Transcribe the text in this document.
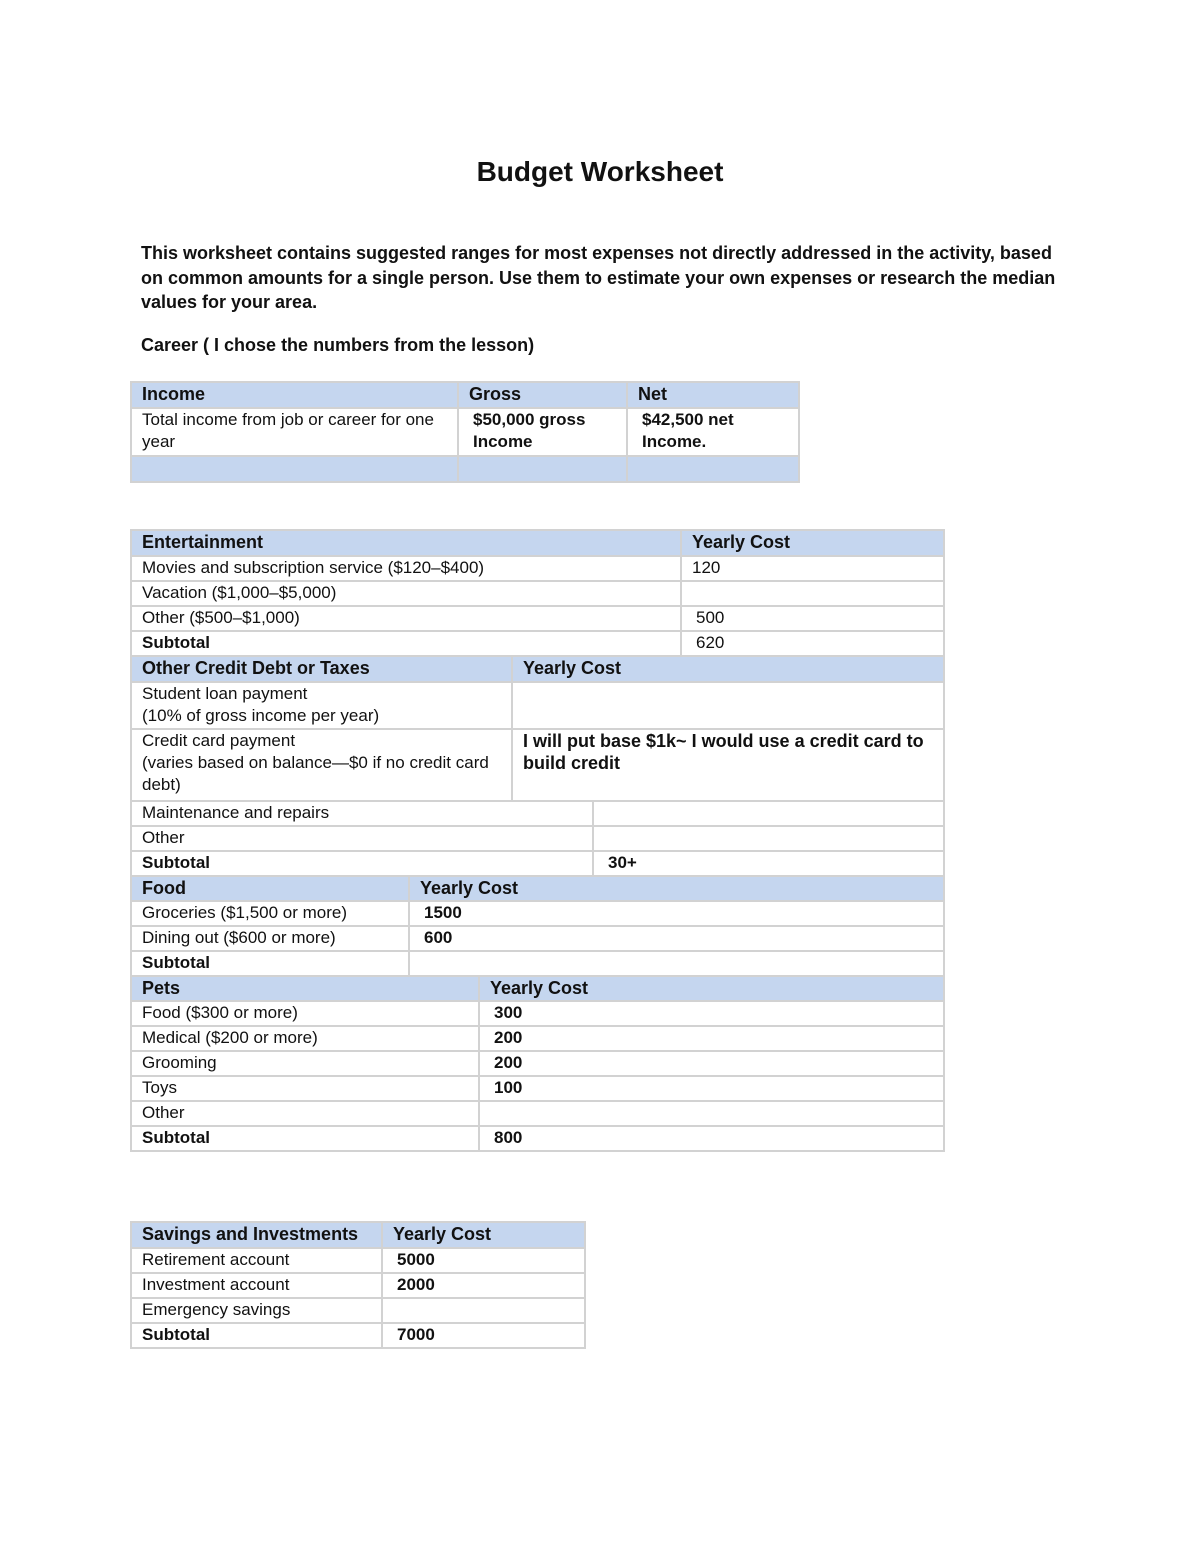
Budget Worksheet

This worksheet contains suggested ranges for most expenses not directly addressed in the activity, based on common amounts for a single person. Use them to estimate your own expenses or research the median values for your area.

Career ( I chose the numbers from the lesson)
Income	Gross	Net
Total income from job or career for one year	$50,000 gross Income	$42,500 net Income.

Entertainment	Yearly Cost
Movies and subscription service ($120–$400)	120
Vacation ($1,000–$5,000)	
Other ($500–$1,000)	500
Subtotal	620
Other Credit Debt or Taxes	Yearly Cost	

Student loan payment
(10% of gross income per year)		

Credit card payment
(varies based on balance—$0 if no credit card debt)	I will put base $1k~ I would use a credit card to build credit	
Maintenance and repairs		
Other		
Subtotal		30+
Food	Yearly Cost
Groceries ($1,500 or more)	1500
Dining out ($600 or more)	600
Subtotal	
Pets	Yearly Cost
Food ($300 or more)	300
Medical ($200 or more)	200
Grooming	200
Toys	100
Other	
Subtotal	800
Savings and Investments	Yearly Cost
Retirement account	5000
Investment account	2000
Emergency savings	
Subtotal	7000
